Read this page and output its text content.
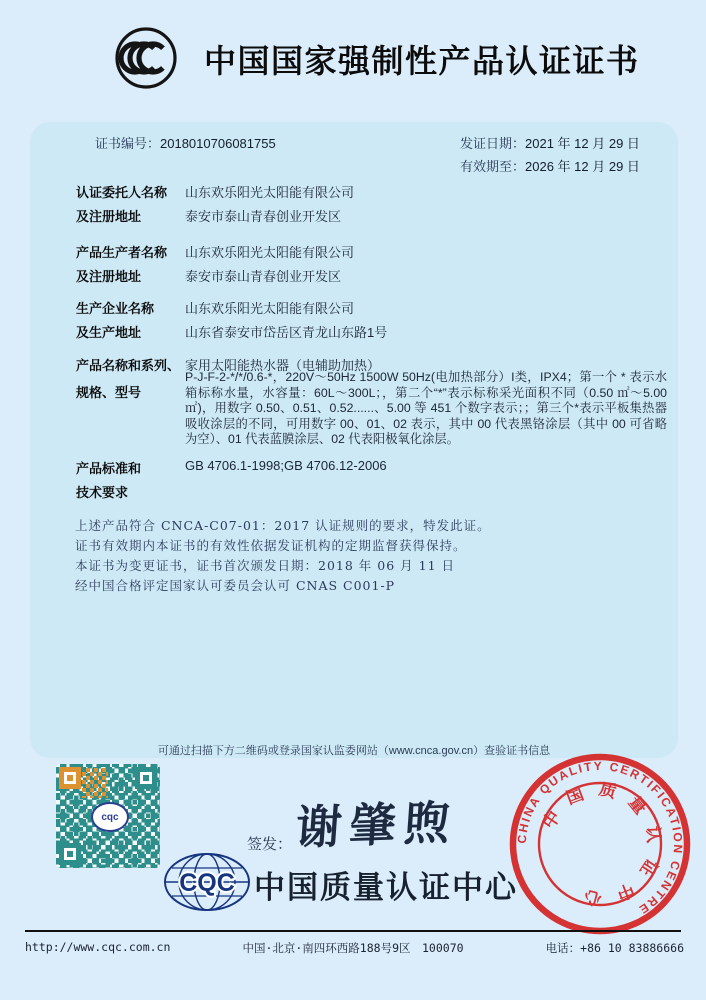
中国国家强制性产品认证证书
证书编号：2018010706081755	发证日期：2021 年 12 月 29 日
有效期至：2026 年 12 月 29 日
认证委托人名称 山东欢乐阳光太阳能有限公司
及注册地址	泰安市泰山青春创业开发区
产品生产者名称 山东欢乐阳光太阳能有限公司
及注册地址	泰安市泰山青春创业开发区
生产企业名称 山东欢乐阳光太阳能有限公司
及生产地址	山东省泰安市岱岳区青龙山东路1号
产品名称和系列、
规格、型号
家用太阳能热水器（电辅助加热）
P-J-F-2-*/*/0.6-*，220V～50Hz 1500W 50Hz(电加热部分）I类，IPX4；第一个 * 表示水箱标称水量，水容量：60L～300L；，第二个“*”表示标称采光面积不同（0.50 ㎡～5.00 ㎡)，用数字 0.50、0.51、0.52......、5.00 等 451 个数字表示；；第三个*表示平板集热器吸收涂层的不同，可用数字 00、01、02 表示，其中 00 代表黑铬涂层（其中 00 可省略为空）、01 代表蓝膜涂层、02 代表阳极氧化涂层。
产品标准和
技术要求
GB 4706.1-1998;GB 4706.12-2006
上述产品符合 CNCA-C07-01：2017 认证规则的要求，特发此证。
证书有效期内本证书的有效性依据发证机构的定期监督获得保持。
本证书为变更证书，证书首次颁发日期：2018 年 06 月 11 日
经中国合格评定国家认可委员会认可 CNAS C001-P
可通过扫描下方二维码或登录国家认监委网站（www.cnca.gov.cn）查验证书信息
cqc
签发： 谢肇煦
CQC 中国质量认证中心
CHINA QUALITY CERTIFICATION CENTRE
中国质量认证中心
http://www.cqc.com.cn	中国·北京·南四环西路188号9区　100070	电话：+86 10 83886666
